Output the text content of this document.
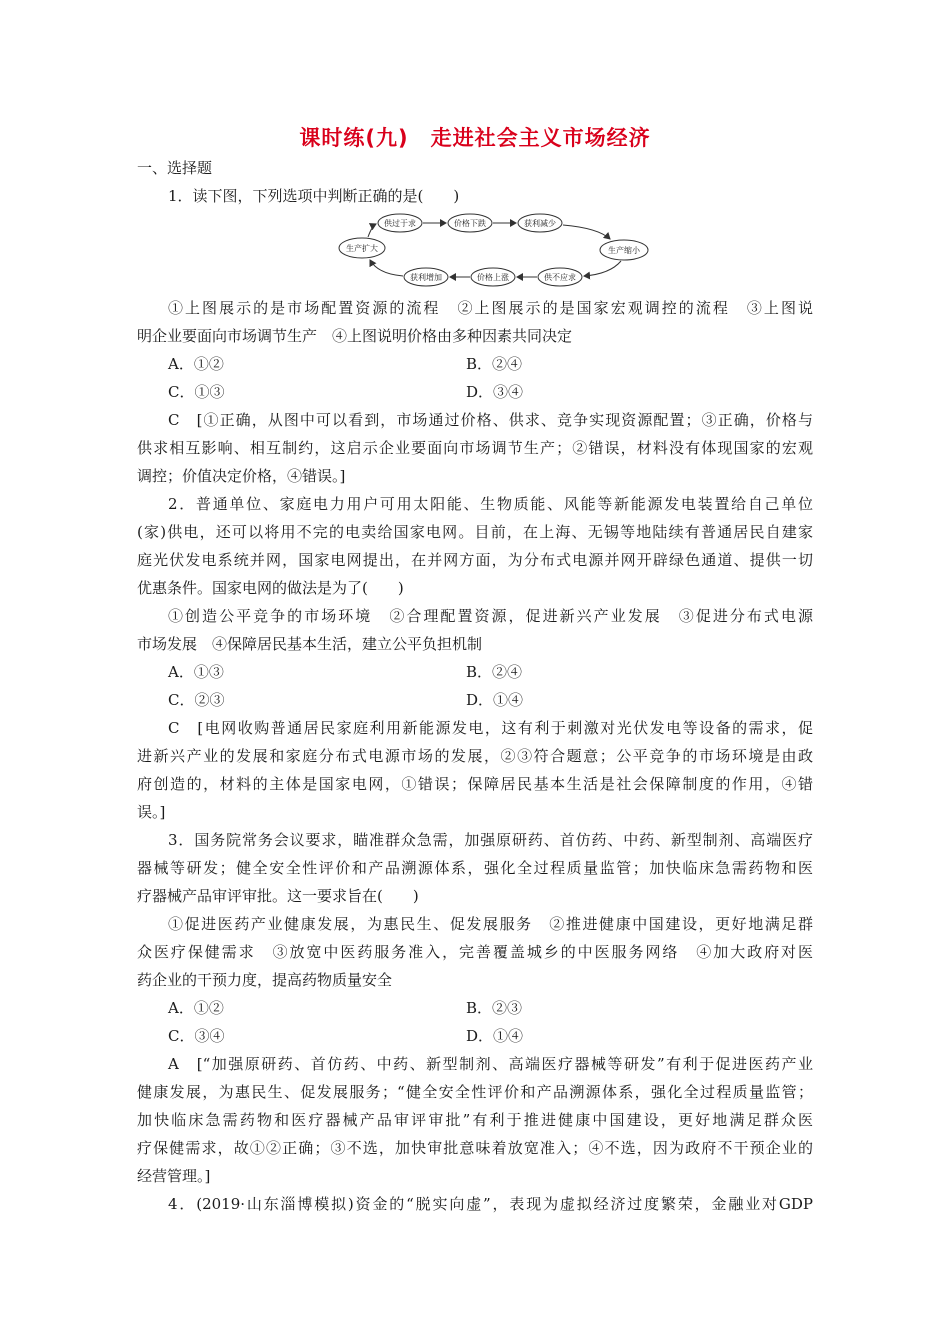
课时练(九)　走进社会主义市场经济
一、选择题
1．读下图，下列选项中判断正确的是(　　)
供过于求	价格下跌	获利减少
生产缩小
供不应求
价格上涨
获利增加
生产扩大
①上图展示的是市场配置资源的流程　②上图展示的是国家宏观调控的流程　③上图说
明企业要面向市场调节生产　④上图说明价格由多种因素共同决定
A．①②	B．②④
C．①③	D．③④
C　[①正确，从图中可以看到，市场通过价格、供求、竞争实现资源配置；③正确，价格与
供求相互影响、相互制约，这启示企业要面向市场调节生产；②错误，材料没有体现国家的宏观
调控；价值决定价格，④错误。]
2．普通单位、家庭电力用户可用太阳能、生物质能、风能等新能源发电装置给自己单位
(家)供电，还可以将用不完的电卖给国家电网。目前，在上海、无锡等地陆续有普通居民自建家
庭光伏发电系统并网，国家电网提出，在并网方面，为分布式电源并网开辟绿色通道、提供一切
优惠条件。国家电网的做法是为了(　　)
①创造公平竞争的市场环境　②合理配置资源，促进新兴产业发展　③促进分布式电源
市场发展　④保障居民基本生活，建立公平负担机制
A．①③	B．②④
C．②③	D．①④
C　[电网收购普通居民家庭利用新能源发电，这有利于刺激对光伏发电等设备的需求，促
进新兴产业的发展和家庭分布式电源市场的发展，②③符合题意；公平竞争的市场环境是由政
府创造的，材料的主体是国家电网，①错误；保障居民基本生活是社会保障制度的作用，④错
误。]
3．国务院常务会议要求，瞄准群众急需，加强原研药、首仿药、中药、新型制剂、高端医疗
器械等研发；健全安全性评价和产品溯源体系，强化全过程质量监管；加快临床急需药物和医
疗器械产品审评审批。这一要求旨在(　　)
①促进医药产业健康发展，为惠民生、促发展服务　②推进健康中国建设，更好地满足群
众医疗保健需求　③放宽中医药服务准入，完善覆盖城乡的中医服务网络　④加大政府对医
药企业的干预力度，提高药物质量安全
A．①②	B．②③
C．③④	D．①④
A　[“加强原研药、首仿药、中药、新型制剂、高端医疗器械等研发”有利于促进医药产业
健康发展，为惠民生、促发展服务；“健全安全性评价和产品溯源体系，强化全过程质量监管；
加快临床急需药物和医疗器械产品审评审批”有利于推进健康中国建设，更好地满足群众医
疗保健需求，故①②正确；③不选，加快审批意味着放宽准入；④不选，因为政府不干预企业的
经营管理。]
4．(2019·山东淄博模拟)资金的“脱实向虚”，表现为虚拟经济过度繁荣，金融业对GDP
